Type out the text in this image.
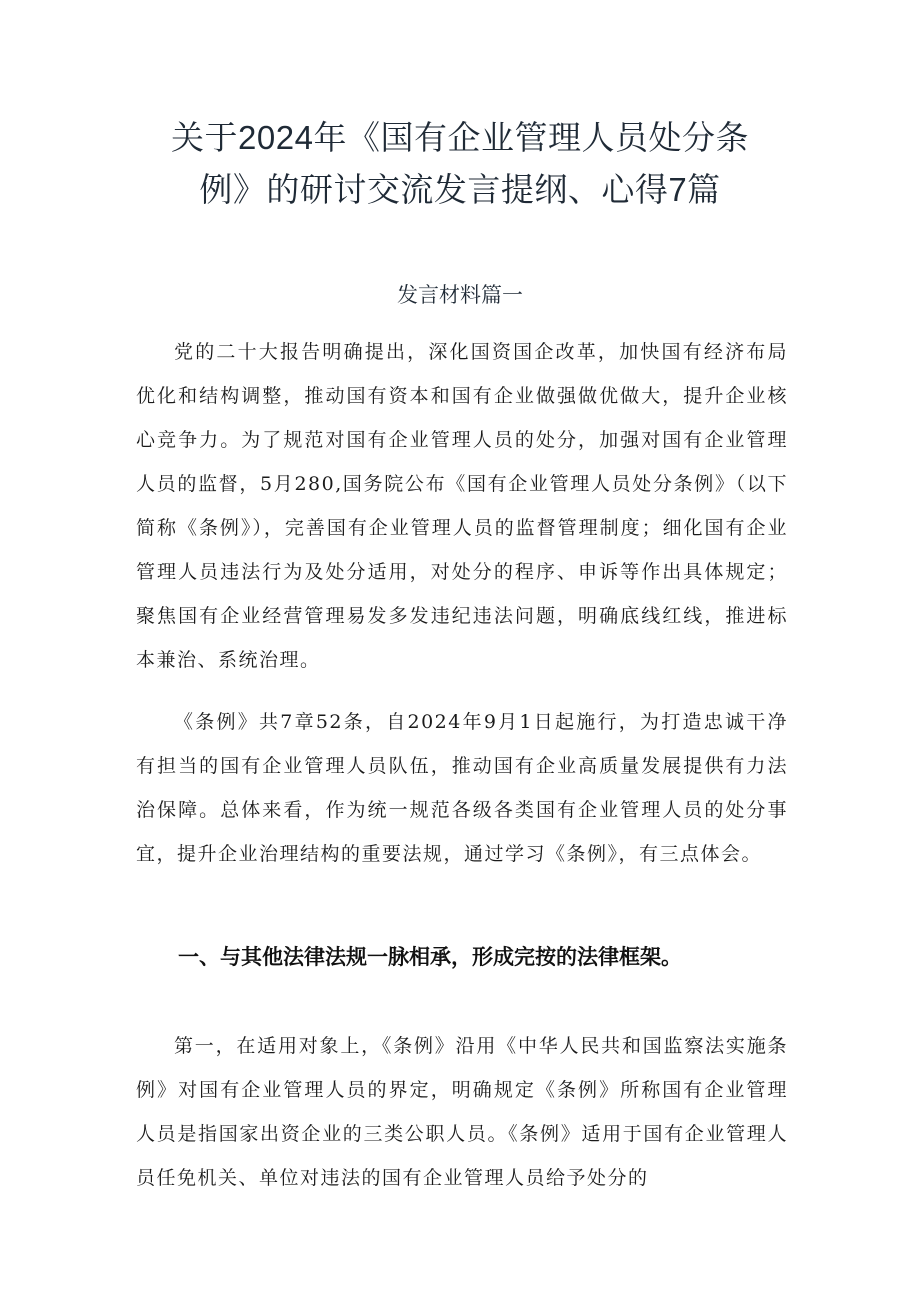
关于2024年《国有企业管理人员处分条例》的研讨交流发言提纲、心得7篇
发言材料篇一

党的二十大报告明确提出，深化国资国企改革，加快国有经济布局优化和结构调整，推动国有资本和国有企业做强做优做大，提升企业核心竞争力。为了规范对国有企业管理人员的处分，加强对国有企业管理人员的监督，5月280,国务院公布《国有企业管理人员处分条例》（以下简称《条例》），完善国有企业管理人员的监督管理制度；细化国有企业管理人员违法行为及处分适用，对处分的程序、申诉等作出具体规定；聚焦国有企业经营管理易发多发违纪违法问题，明确底线红线，推进标本兼治、系统治理。

《条例》共7章52条，自2024年9月1日起施行，为打造忠诚干净有担当的国有企业管理人员队伍，推动国有企业高质量发展提供有力法治保障。总体来看，作为统一规范各级各类国有企业管理人员的处分事宜，提升企业治理结构的重要法规，通过学习《条例》，有三点体会。

一、与其他法律法规一脉相承，形成完按的法律框架。

第一，在适用对象上，《条例》沿用《中华人民共和国监察法实施条例》对国有企业管理人员的界定，明确规定《条例》所称国有企业管理人员是指国家出资企业的三类公职人员。《条例》适用于国有企业管理人员任免机关、单位对违法的国有企业管理人员给予处分的
